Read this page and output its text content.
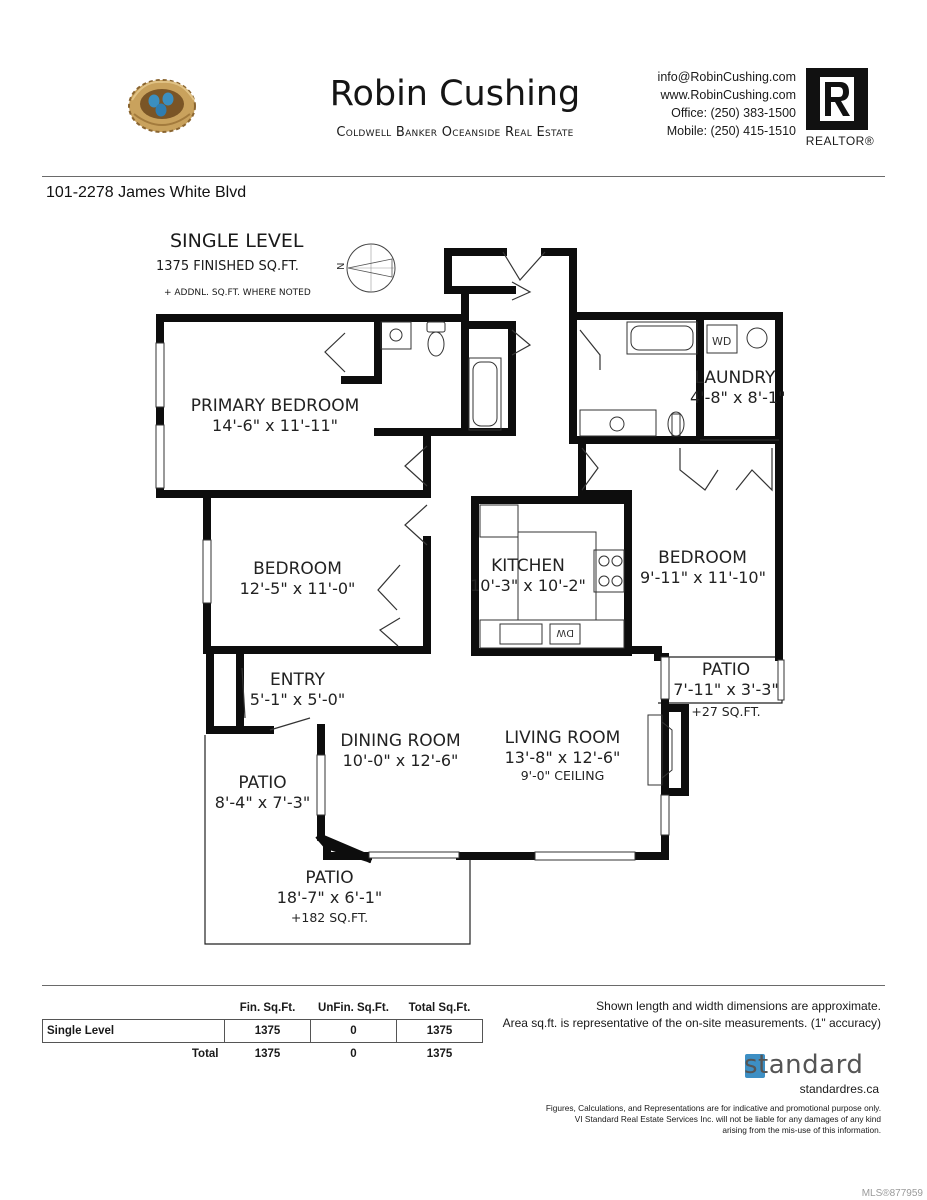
Robin Cushing
Coldwell Banker Oceanside Real Estate
info@RobinCushing.com
www.RobinCushing.com
Office: (250) 383-1500
Mobile: (250) 415-1510
REALTOR®
101-2278 James White Blvd
SINGLE LEVEL
1375 FINISHED SQ.FT.
+ ADDNL. SQ.FT. WHERE NOTED
N
WD
DW
PRIMARY BEDROOM
14'-6" x 11'-11"
LAUNDRY
4'-8" x 8'-1"
BEDROOM
12'-5" x 11'-0"
KITCHEN
10'-3" x 10'-2"
BEDROOM
9'-11" x 11'-10"
PATIO
7'-11" x 3'-3"
+27 SQ.FT.
ENTRY
5'-1" x 5'-0"
DINING ROOM
10'-0" x 12'-6"
LIVING ROOM
13'-8" x 12'-6"
9'-0" CEILING
PATIO
8'-4" x 7'-3"
PATIO
18'-7" x 6'-1"
+182 SQ.FT.
	Fin. Sq.Ft.	UnFin. Sq.Ft.	Total Sq.Ft.
Single Level	1375	0	1375
Total	1375	0	1375
Shown length and width dimensions are approximate.
Area sq.ft. is representative of the on-site measurements. (1" accuracy)
standard
standardres.ca
Figures, Calculations, and Representations are for indicative and promotional purpose only.
VI Standard Real Estate Services Inc. will not be liable for any damages of any kind
arising from the mis-use of this information.
MLS®877959
